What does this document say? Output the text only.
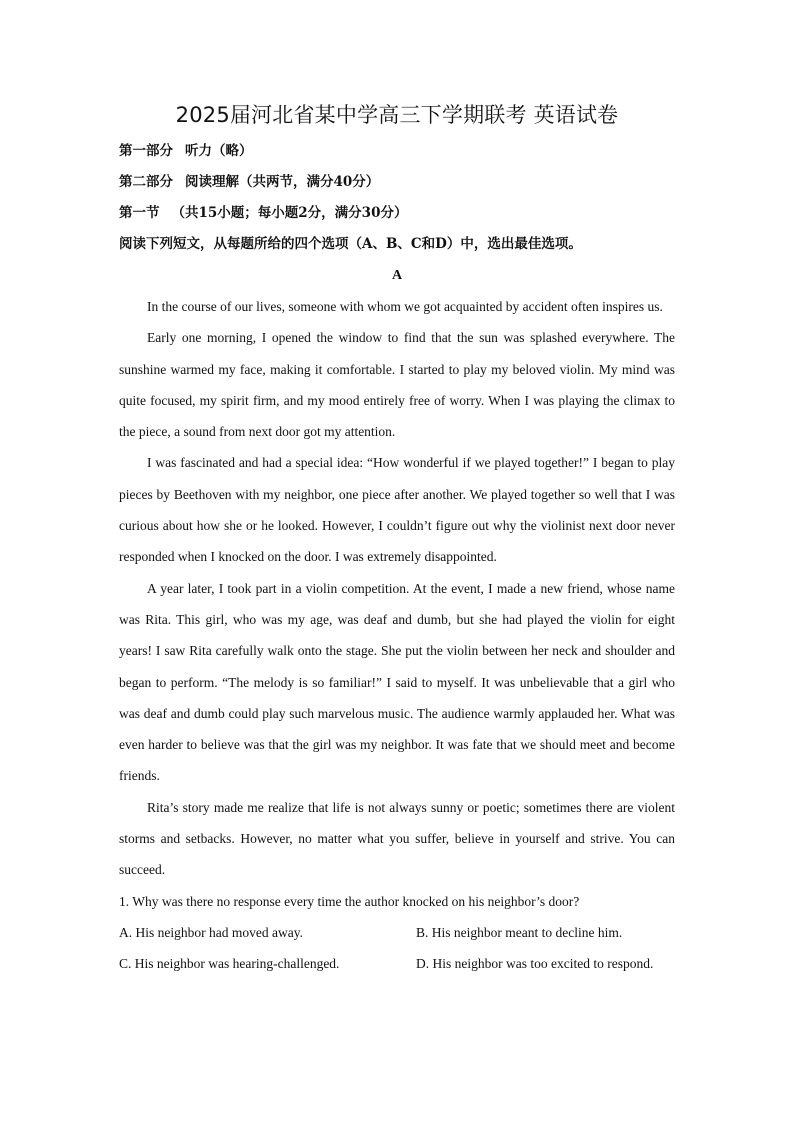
2025届河北省某中学高三下学期联考 英语试卷
第一部分 听力（略）
第二部分 阅读理解（共两节，满分40分）
第一节 （共15小题；每小题2分，满分30分）
阅读下列短文，从每题所给的四个选项（A、B、C和D）中，选出最佳选项。
A

In the course of our lives, someone with whom we got acquainted by accident often inspires us.

Early one morning, I opened the window to find that the sun was splashed everywhere. The sunshine warmed my face, making it comfortable. I started to play my beloved violin. My mind was quite focused, my spirit firm, and my mood entirely free of worry. When I was playing the climax to the piece, a sound from next door got my attention.

I was fascinated and had a special idea: “How wonderful if we played together!” I began to play pieces by Beethoven with my neighbor, one piece after another. We played together so well that I was curious about how she or he looked. However, I couldn’t figure out why the violinist next door never responded when I knocked on the door. I was extremely disappointed.

A year later, I took part in a violin competition. At the event, I made a new friend, whose name was Rita. This girl, who was my age, was deaf and dumb, but she had played the violin for eight years! I saw Rita carefully walk onto the stage. She put the violin between her neck and shoulder and began to perform. “The melody is so familiar!” I said to myself. It was unbelievable that a girl who was deaf and dumb could play such marvelous music. The audience warmly applauded her. What was even harder to believe was that the girl was my neighbor. It was fate that we should meet and become friends.

Rita’s story made me realize that life is not always sunny or poetic; sometimes there are violent storms and setbacks. However, no matter what you suffer, believe in yourself and strive. You can succeed.

1. Why was there no response every time the author knocked on his neighbor’s door?

A. His neighbor had moved away.	B. His neighbor meant to decline him.
C. His neighbor was hearing-challenged.	D. His neighbor was too excited to respond.
